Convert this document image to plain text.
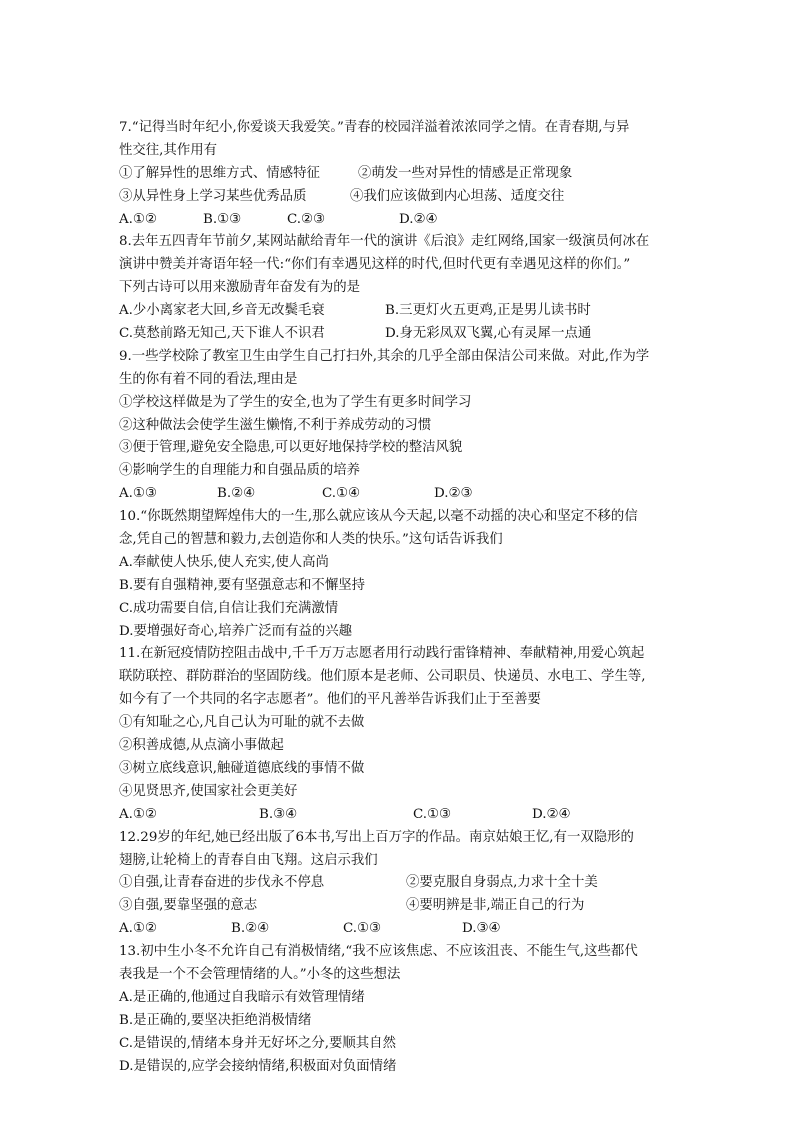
7.“记得当时年纪小,你爱谈天我爱笑。”青春的校园洋溢着浓浓同学之情。在青春期,与异
性交往,其作用有
①了解异性的思维方式、情感特征	②萌发一些对异性的情感是正常现象
③从异性身上学习某些优秀品质	④我们应该做到内心坦荡、适度交往
A.①②	B.①③	C.②③	D.②④
8.去年五四青年节前夕,某网站献给青年一代的演讲《后浪》走红网络,国家一级演员何冰在
演讲中赞美并寄语年轻一代:“你们有幸遇见这样的时代,但时代更有幸遇见这样的你们。”
下列古诗可以用来激励青年奋发有为的是
A.少小离家老大回,乡音无改鬓毛衰	B.三更灯火五更鸡,正是男儿读书时
C.莫愁前路无知己,天下谁人不识君	D.身无彩凤双飞翼,心有灵犀一点通
9.一些学校除了教室卫生由学生自己打扫外,其余的几乎全部由保洁公司来做。对此,作为学
生的你有着不同的看法,理由是
①学校这样做是为了学生的安全,也为了学生有更多时间学习
②这种做法会使学生滋生懒惰,不利于养成劳动的习惯
③便于管理,避免安全隐患,可以更好地保持学校的整洁风貌
④影响学生的自理能力和自强品质的培养
A.①③	B.②④	C.①④	D.②③
10.“你既然期望辉煌伟大的一生,那么就应该从今天起,以毫不动摇的决心和坚定不移的信
念,凭自己的智慧和毅力,去创造你和人类的快乐。”这句话告诉我们
A.奉献使人快乐,使人充实,使人高尚
B.要有自强精神,要有坚强意志和不懈坚持
C.成功需要自信,自信让我们充满激情
D.要增强好奇心,培养广泛而有益的兴趣
11.在新冠疫情防控阻击战中,千千万万志愿者用行动践行雷锋精神、奉献精神,用爱心筑起
联防联控、群防群治的坚固防线。他们原本是老师、公司职员、快递员、水电工、学生等,
如今有了一个共同的名字志愿者”。他们的平凡善举告诉我们止于至善要
①有知耻之心,凡自己认为可耻的就不去做
②积善成德,从点滴小事做起
③树立底线意识,触碰道德底线的事情不做
④见贤思齐,使国家社会更美好
A.①②	B.③④	C.①③	D.②④
12.29岁的年纪,她已经出版了6本书,写出上百万字的作品。南京姑娘王忆,有一双隐形的
翅膀,让轮椅上的青春自由飞翔。这启示我们
①自强,让青春奋进的步伐永不停息	②要克服自身弱点,力求十全十美
③自强,要靠坚强的意志	④要明辨是非,端正自己的行为
A.①②	B.②④	C.①③	D.③④
13.初中生小冬不允许自己有消极情绪,“我不应该焦虑、不应该沮丧、不能生气,这些都代
表我是一个不会管理情绪的人。”小冬的这些想法
A.是正确的,他通过自我暗示有效管理情绪
B.是正确的,要坚决拒绝消极情绪
C.是错误的,情绪本身并无好坏之分,要顺其自然
D.是错误的,应学会接纳情绪,积极面对负面情绪
